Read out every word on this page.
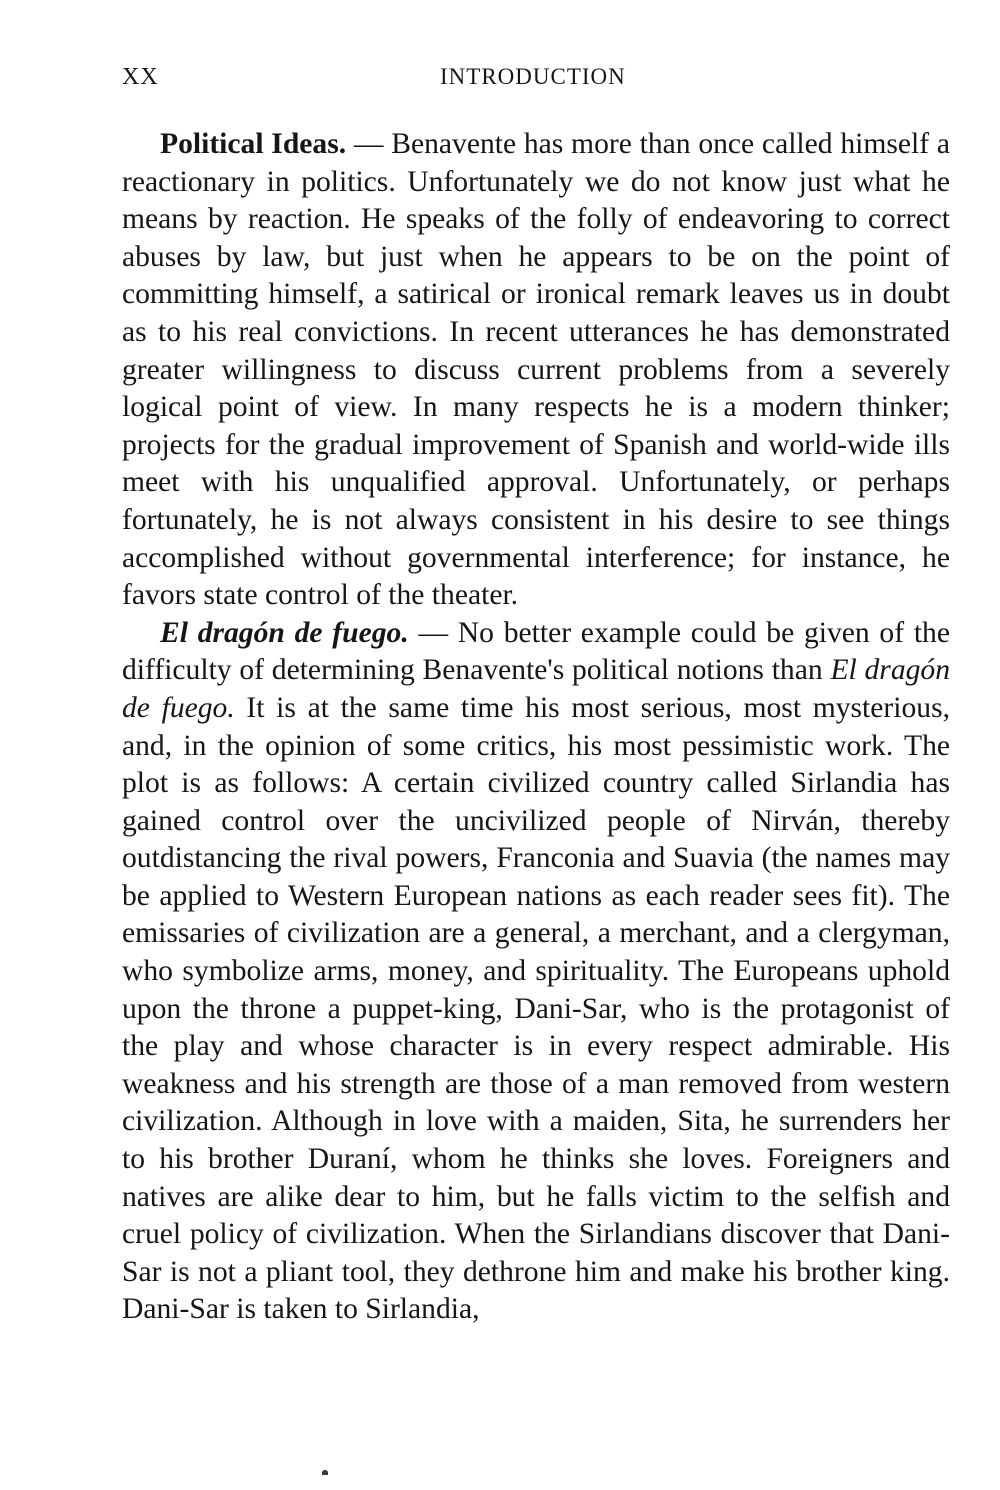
XX	INTRODUCTION

Political Ideas. — Benavente has more than once called himself a reactionary in politics. Unfortunately we do not know just what he means by reaction. He speaks of the folly of endeavoring to correct abuses by law, but just when he appears to be on the point of committing himself, a satirical or ironical remark leaves us in doubt as to his real convictions. In recent utterances he has demonstrated greater willingness to discuss current problems from a severely logical point of view. In many respects he is a modern thinker; projects for the gradual improvement of Spanish and world-wide ills meet with his unqualified approval. Unfortunately, or perhaps fortunately, he is not always consistent in his desire to see things accomplished without governmental interference; for instance, he favors state control of the theater.

El dragón de fuego. — No better example could be given of the difficulty of determining Benavente's political notions than El dragón de fuego. It is at the same time his most serious, most mysterious, and, in the opinion of some critics, his most pessimistic work. The plot is as follows: A certain civilized country called Sirlandia has gained control over the uncivilized people of Nirván, thereby outdistancing the rival powers, Franconia and Suavia (the names may be applied to Western European nations as each reader sees fit). The emissaries of civilization are a general, a merchant, and a clergyman, who symbolize arms, money, and spirituality. The Europeans uphold upon the throne a puppet-king, Dani-Sar, who is the protagonist of the play and whose character is in every respect admirable. His weakness and his strength are those of a man removed from western civilization. Although in love with a maiden, Sita, he surrenders her to his brother Duraní, whom he thinks she loves. Foreigners and natives are alike dear to him, but he falls victim to the selfish and cruel policy of civilization. When the Sirlandians discover that Dani-Sar is not a pliant tool, they dethrone him and make his brother king. Dani-Sar is taken to Sirlandia,
